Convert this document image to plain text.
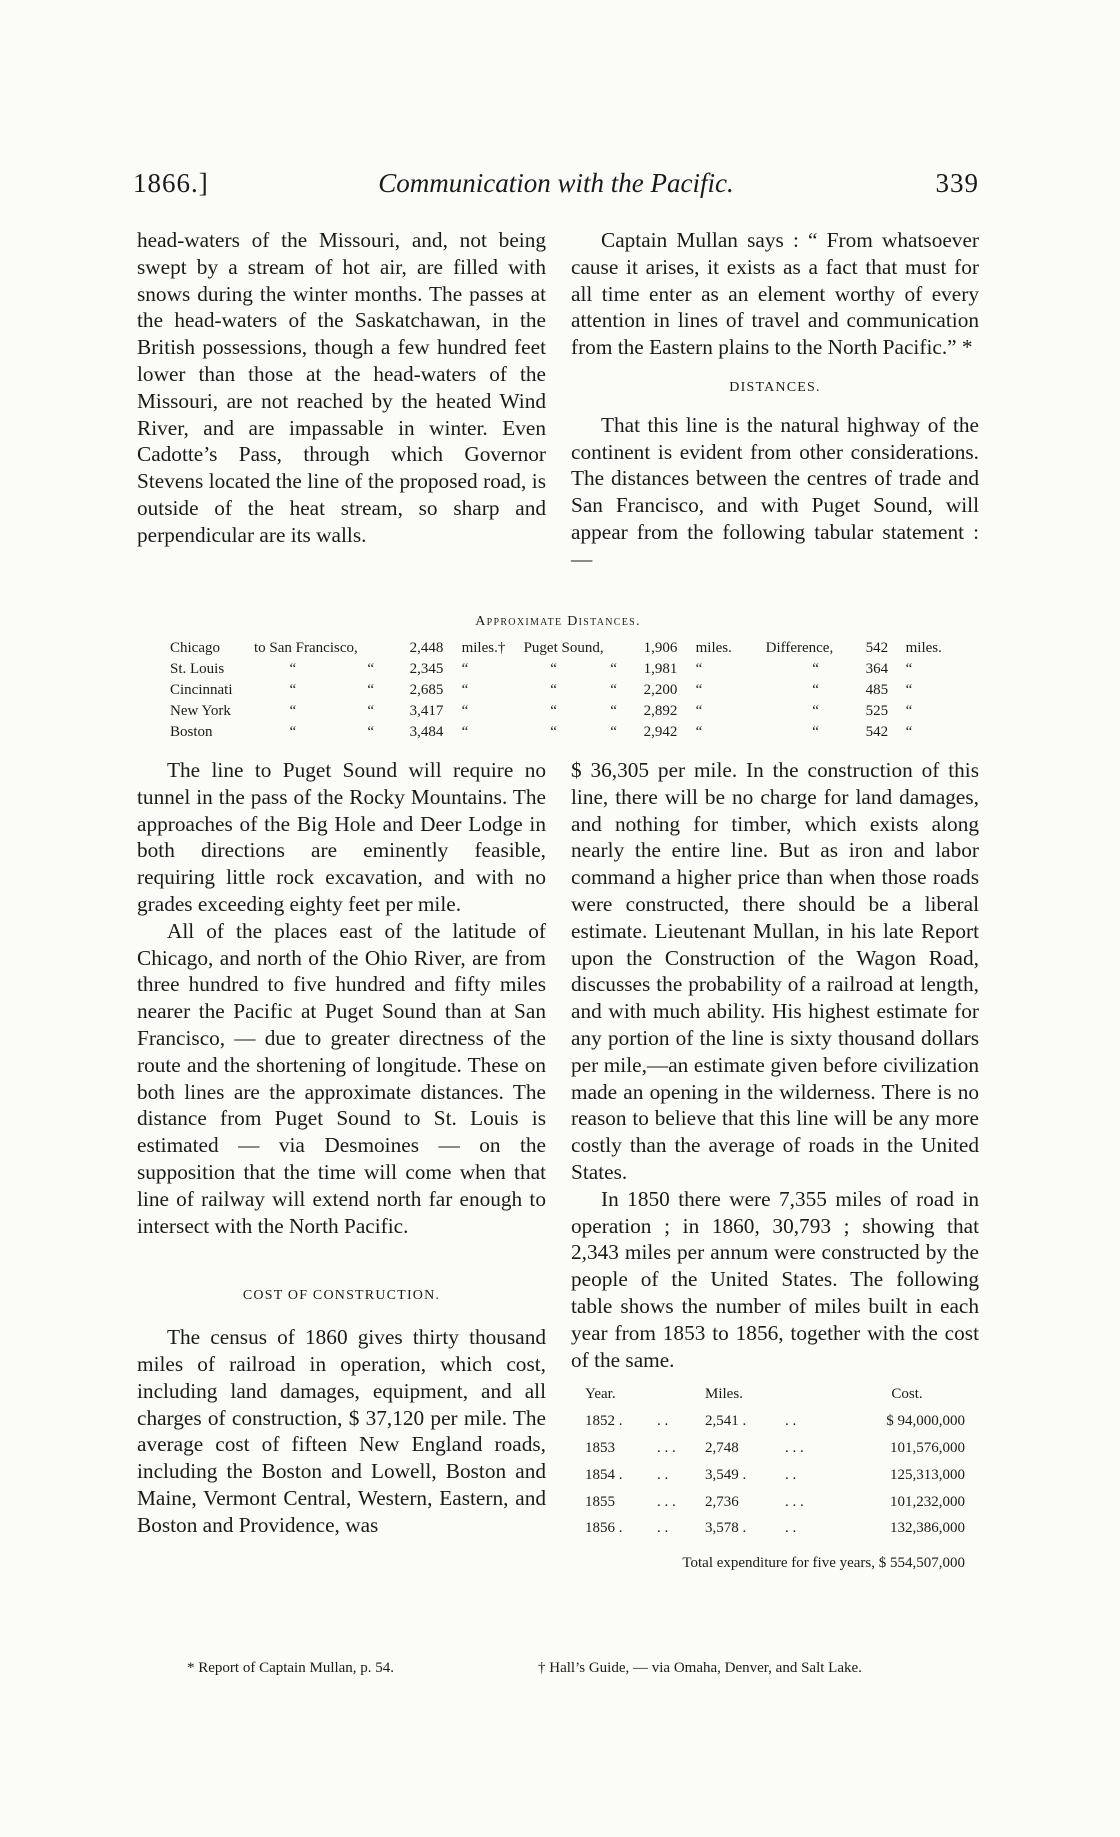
1866.]	Communication with the Pacific.	339

head-waters of the Missouri, and, not being swept by a stream of hot air, are filled with snows during the winter months. The passes at the head-waters of the Saskatchawan, in the British possessions, though a few hundred feet lower than those at the head-waters of the Missouri, are not reached by the heated Wind River, and are impassable in winter. Even Cadotte’s Pass, through which Governor Stevens located the line of the proposed road, is outside of the heat stream, so sharp and perpendicular are its walls.

Captain Mullan says : “ From whatsoever cause it arises, it exists as a fact that must for all time enter as an element worthy of every attention in lines of travel and communication from the Eastern plains to the North Pacific.” *

DISTANCES.

That this line is the natural highway of the continent is evident from other considerations. The distances between the centres of trade and San Francisco, and with Puget Sound, will appear from the following tabular statement : —

Approximate Distances.
Chicago	to San Francisco,		2,448	miles.†	Puget Sound,		1,906	miles.	Difference,	542	miles.
St. Louis	“	“	2,345	“	“	“	1,981	“	“	364	“
Cincinnati	“	“	2,685	“	“	“	2,200	“	“	485	“
New York	“	“	3,417	“	“	“	2,892	“	“	525	“
Boston	“	“	3,484	“	“	“	2,942	“	“	542	“

The line to Puget Sound will require no tunnel in the pass of the Rocky Mountains. The approaches of the Big Hole and Deer Lodge in both directions are eminently feasible, requiring little rock excavation, and with no grades exceeding eighty feet per mile.

All of the places east of the latitude of Chicago, and north of the Ohio River, are from three hundred to five hundred and fifty miles nearer the Pacific at Puget Sound than at San Francisco, — due to greater directness of the route and the shortening of longitude. These on both lines are the approximate distances. The distance from Puget Sound to St. Louis is estimated — via Desmoines — on the supposition that the time will come when that line of railway will extend north far enough to intersect with the North Pacific.

COST OF CONSTRUCTION.

The census of 1860 gives thirty thousand miles of railroad in operation, which cost, including land damages, equipment, and all charges of construction, $ 37,120 per mile. The average cost of fifteen New England roads, including the Boston and Lowell, Boston and Maine, Vermont Central, Western, Eastern, and Boston and Providence, was

$ 36,305 per mile. In the construction of this line, there will be no charge for land damages, and nothing for timber, which exists along nearly the entire line. But as iron and labor command a higher price than when those roads were constructed, there should be a liberal estimate. Lieutenant Mullan, in his late Report upon the Construction of the Wagon Road, discusses the probability of a railroad at length, and with much ability. His highest estimate for any portion of the line is sixty thousand dollars per mile,—an estimate given before civilization made an opening in the wilderness. There is no reason to believe that this line will be any more costly than the average of roads in the United States.

In 1850 there were 7,355 miles of road in operation ; in 1860, 30,793 ; showing that 2,343 miles per annum were constructed by the people of the United States. The following table shows the number of miles built in each year from 1853 to 1856, together with the cost of the same.

Year.		Miles.		Cost.
1852 .	. .	2,541 .	. .	$ 94,000,000
1853	. . .	2,748	. . .	101,576,000
1854 .	. .	3,549 .	. .	125,313,000
1855	. . .	2,736	. . .	101,232,000
1856 .	. .	3,578 .	. .	132,386,000
Total expenditure for five years, $ 554,507,000
* Report of Captain Mullan, p. 54.	† Hall’s Guide, — via Omaha, Denver, and Salt Lake.
